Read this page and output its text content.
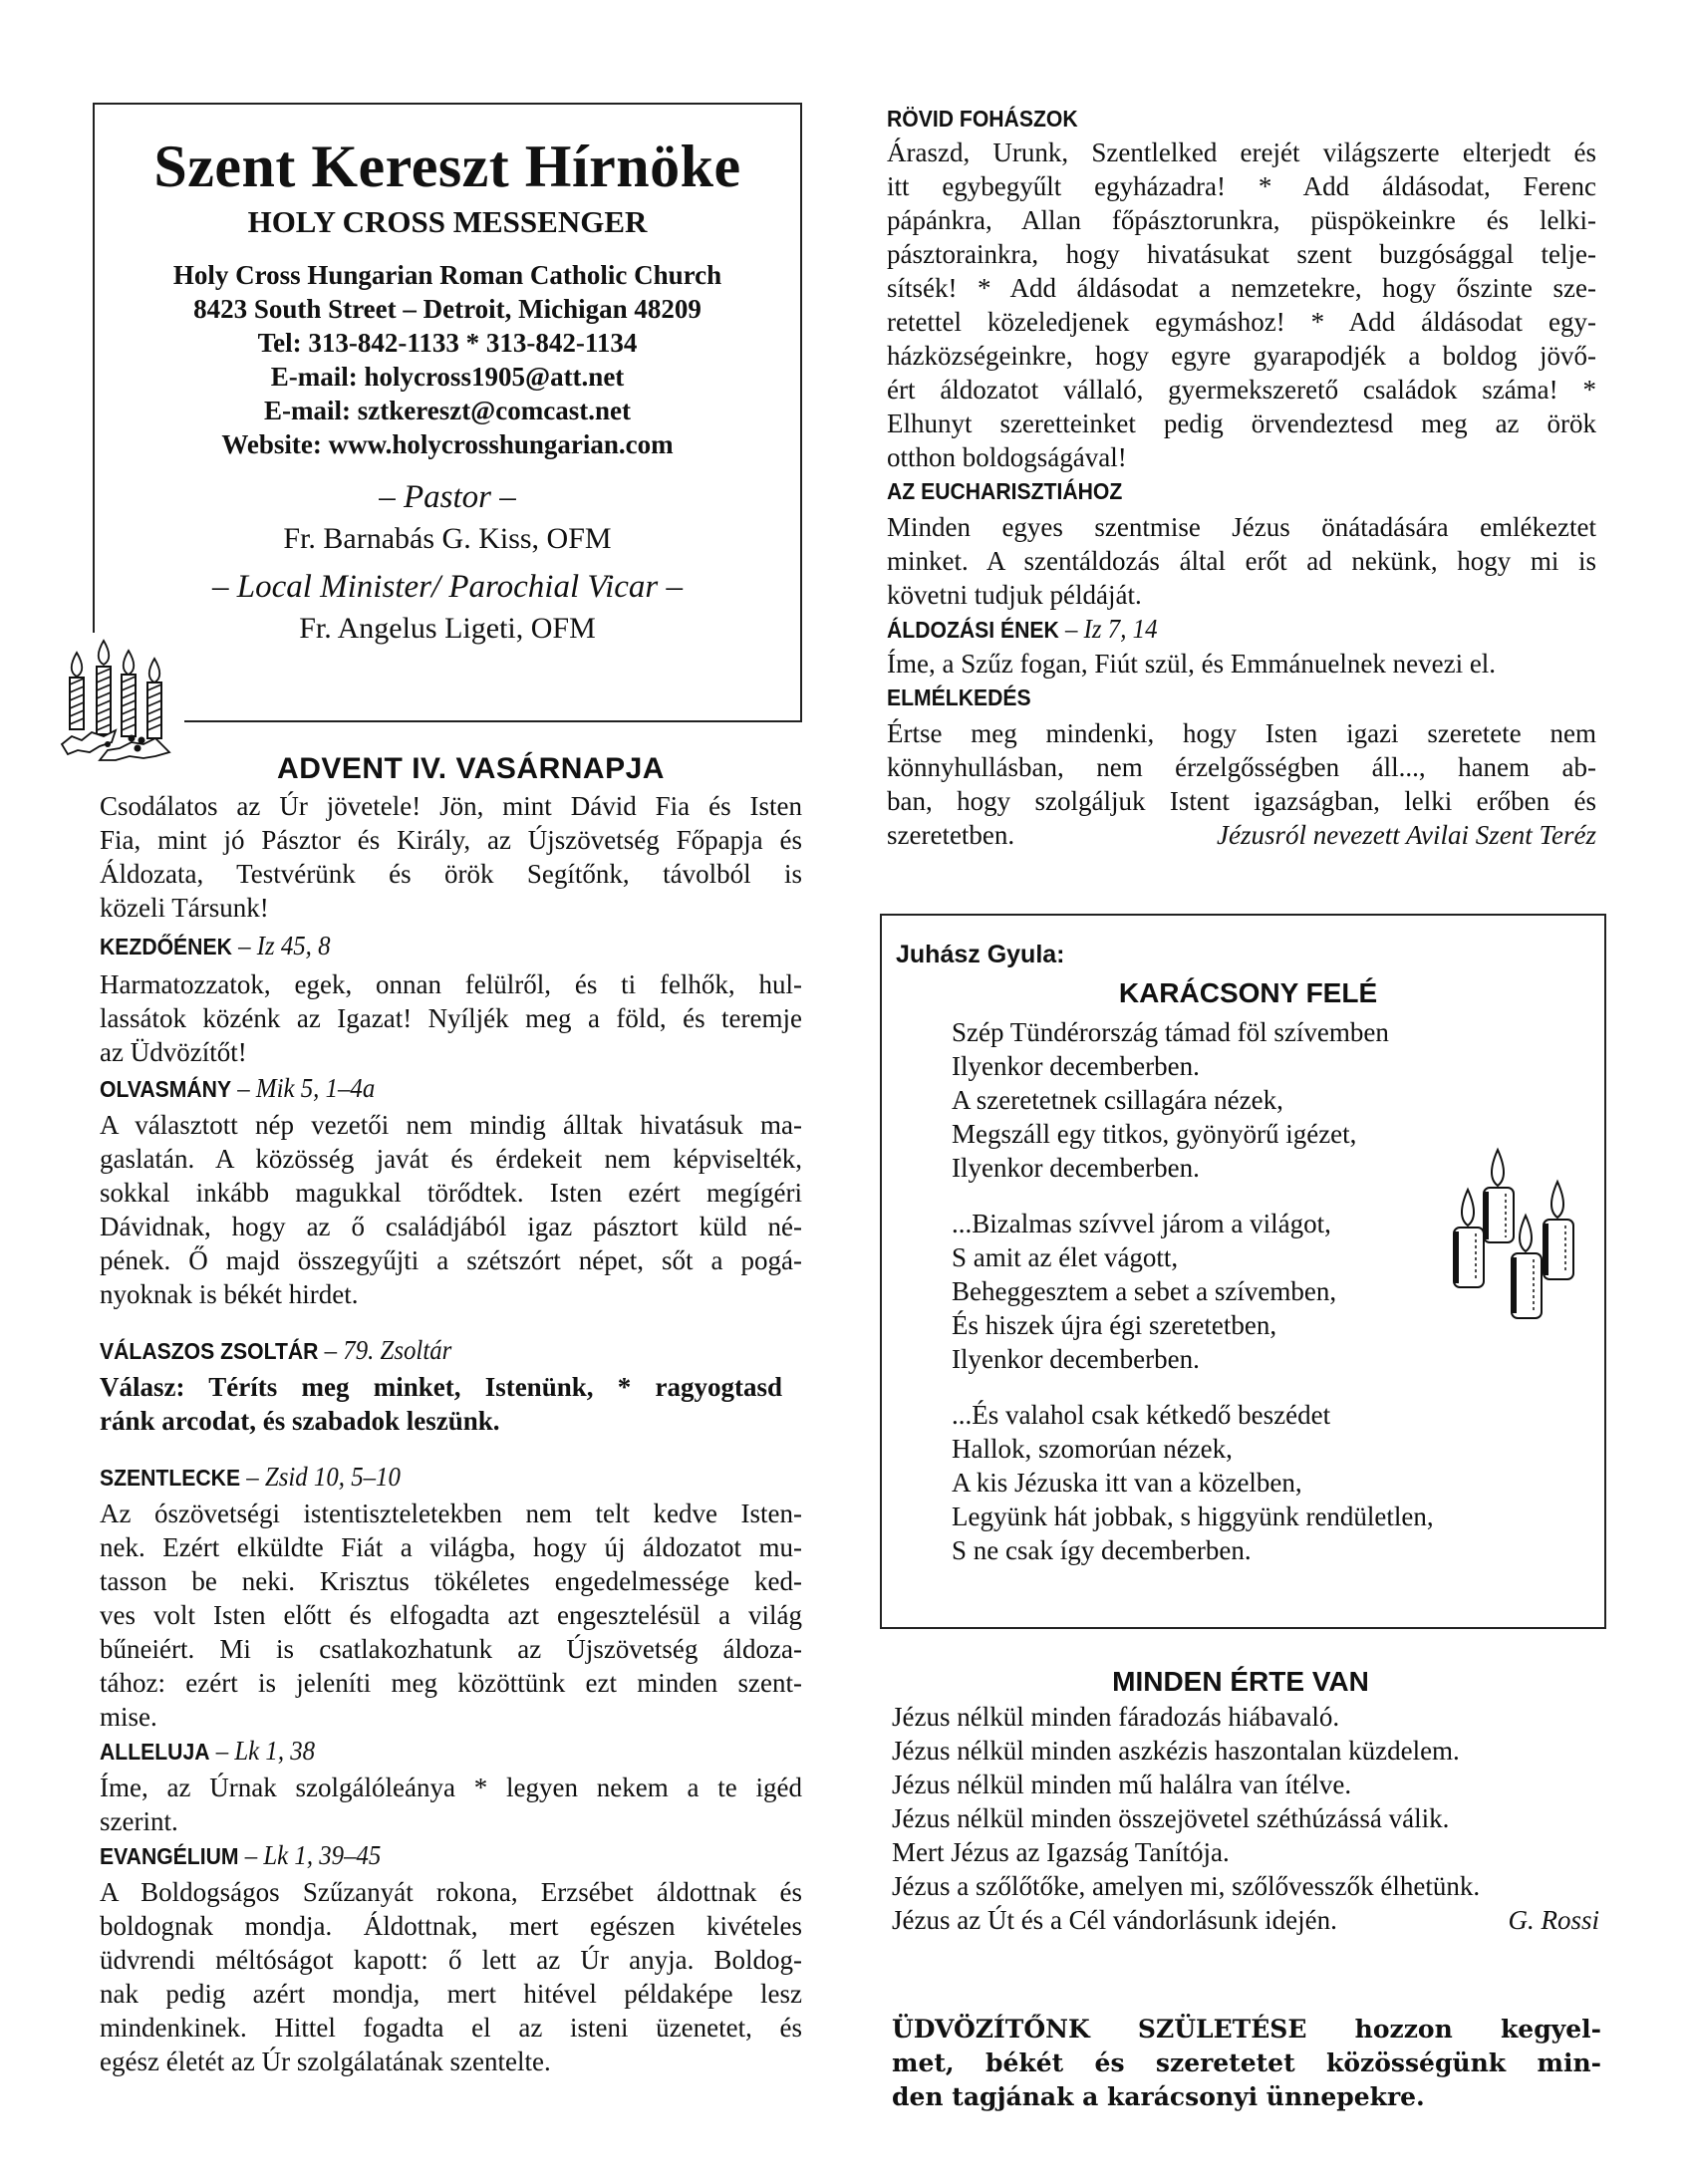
Szent Kereszt Hírnöke
HOLY CROSS MESSENGER
Holy Cross Hungarian Roman Catholic Church
8423 South Street – Detroit, Michigan 48209
Tel: 313-842-1133 * 313-842-1134
E-mail: holycross1905@att.net
E-mail: sztkereszt@comcast.net
Website: www.holycrosshungarian.com
– Pastor –
Fr. Barnabás G. Kiss, OFM
– Local Minister/ Parochial Vicar –
Fr. Angelus Ligeti, OFM
ADVENT IV. VASÁRNAPJA
Csodálatos az Úr jövetele! Jön, mint Dávid Fia és Isten
Fia, mint jó Pásztor és Király, az Újszövetség Főpapja és
Áldozata, Testvérünk és örök Segítőnk, távolból is
közeli Társunk!
KEZDŐÉNEK – Iz 45, 8
Harmatozzatok, egek, onnan felülről, és ti felhők, hul-
lassátok közénk az Igazat! Nyíljék meg a föld, és teremje
az Üdvözítőt!
OLVASMÁNY – Mik 5, 1–4a
A választott nép vezetői nem mindig álltak hivatásuk ma-
gaslatán. A közösség javát és érdekeit nem képviselték,
sokkal inkább magukkal törődtek. Isten ezért megígéri
Dávidnak, hogy az ő családjából igaz pásztort küld né-
pének. Ő majd összegyűjti a szétszórt népet, sőt a pogá-
nyoknak is békét hirdet.
VÁLASZOS ZSOLTÁR – 79. Zsoltár
Válasz: Téríts meg minket, Istenünk, * ragyogtasd
ránk arcodat, és szabadok leszünk.
SZENTLECKE – Zsid 10, 5–10
Az ószövetségi istentiszteletekben nem telt kedve Isten-
nek. Ezért elküldte Fiát a világba, hogy új áldozatot mu-
tasson be neki. Krisztus tökéletes engedelmessége ked-
ves volt Isten előtt és elfogadta azt engesztelésül a világ
bűneiért. Mi is csatlakozhatunk az Újszövetség áldoza-
tához: ezért is jeleníti meg közöttünk ezt minden szent-
mise.
ALLELUJA – Lk 1, 38
Íme, az Úrnak szolgálóleánya * legyen nekem a te igéd
szerint.
EVANGÉLIUM – Lk 1, 39–45
A Boldogságos Szűzanyát rokona, Erzsébet áldottnak és
boldognak mondja. Áldottnak, mert egészen kivételes
üdvrendi méltóságot kapott: ő lett az Úr anyja. Boldog-
nak pedig azért mondja, mert hitével példaképe lesz
mindenkinek. Hittel fogadta el az isteni üzenetet, és
egész életét az Úr szolgálatának szentelte.
RÖVID FOHÁSZOK
Áraszd, Urunk, Szentlelked erejét világszerte elterjedt és
itt egybegyűlt egyházadra! * Add áldásodat, Ferenc
pápánkra, Allan főpásztorunkra, püspökeinkre és lelki-
pásztorainkra, hogy hivatásukat szent buzgósággal telje-
sítsék! * Add áldásodat a nemzetekre, hogy őszinte sze-
retettel közeledjenek egymáshoz! * Add áldásodat egy-
házközségeinkre, hogy egyre gyarapodjék a boldog jövő-
ért áldozatot vállaló, gyermekszerető családok száma! *
Elhunyt szeretteinket pedig örvendeztesd meg az örök
otthon boldogságával!
AZ EUCHARISZTIÁHOZ
Minden egyes szentmise Jézus önátadására emlékeztet
minket. A szentáldozás által erőt ad nekünk, hogy mi is
követni tudjuk példáját.
ÁLDOZÁSI ÉNEK – Iz 7, 14
Íme, a Szűz fogan, Fiút szül, és Emmánuelnek nevezi el.
ELMÉLKEDÉS
Értse meg mindenki, hogy Isten igazi szeretete nem
könnyhullásban, nem érzelgősségben áll..., hanem ab-
ban, hogy szolgáljuk Istent igazságban, lelki erőben és
szeretetben.	Jézusról nevezett Avilai Szent Teréz
Juhász Gyula:
KARÁCSONY FELÉ
Szép Tündérország támad föl szívemben
Ilyenkor decemberben.
A szeretetnek csillagára nézek,
Megszáll egy titkos, gyönyörű igézet,
Ilyenkor decemberben.
...Bizalmas szívvel járom a világot,
S amit az élet vágott,
Beheggesztem a sebet a szívemben,
És hiszek újra égi szeretetben,
Ilyenkor decemberben.
...És valahol csak kétkedő beszédet
Hallok, szomorúan nézek,
A kis Jézuska itt van a közelben,
Legyünk hát jobbak, s higgyünk rendületlen,
S ne csak így decemberben.
MINDEN ÉRTE VAN
Jézus nélkül minden fáradozás hiábavaló.
Jézus nélkül minden aszkézis haszontalan küzdelem.
Jézus nélkül minden mű halálra van ítélve.
Jézus nélkül minden összejövetel széthúzássá válik.
Mert Jézus az Igazság Tanítója.
Jézus a szőlőtőke, amelyen mi, szőlővesszők élhetünk.
Jézus az Út és a Cél vándorlásunk idején.	G. Rossi
ÜDVÖZÍTŐNK SZÜLETÉSE hozzon kegyel-
met, békét és szeretetet közösségünk min-
den tagjának a karácsonyi ünnepekre.
